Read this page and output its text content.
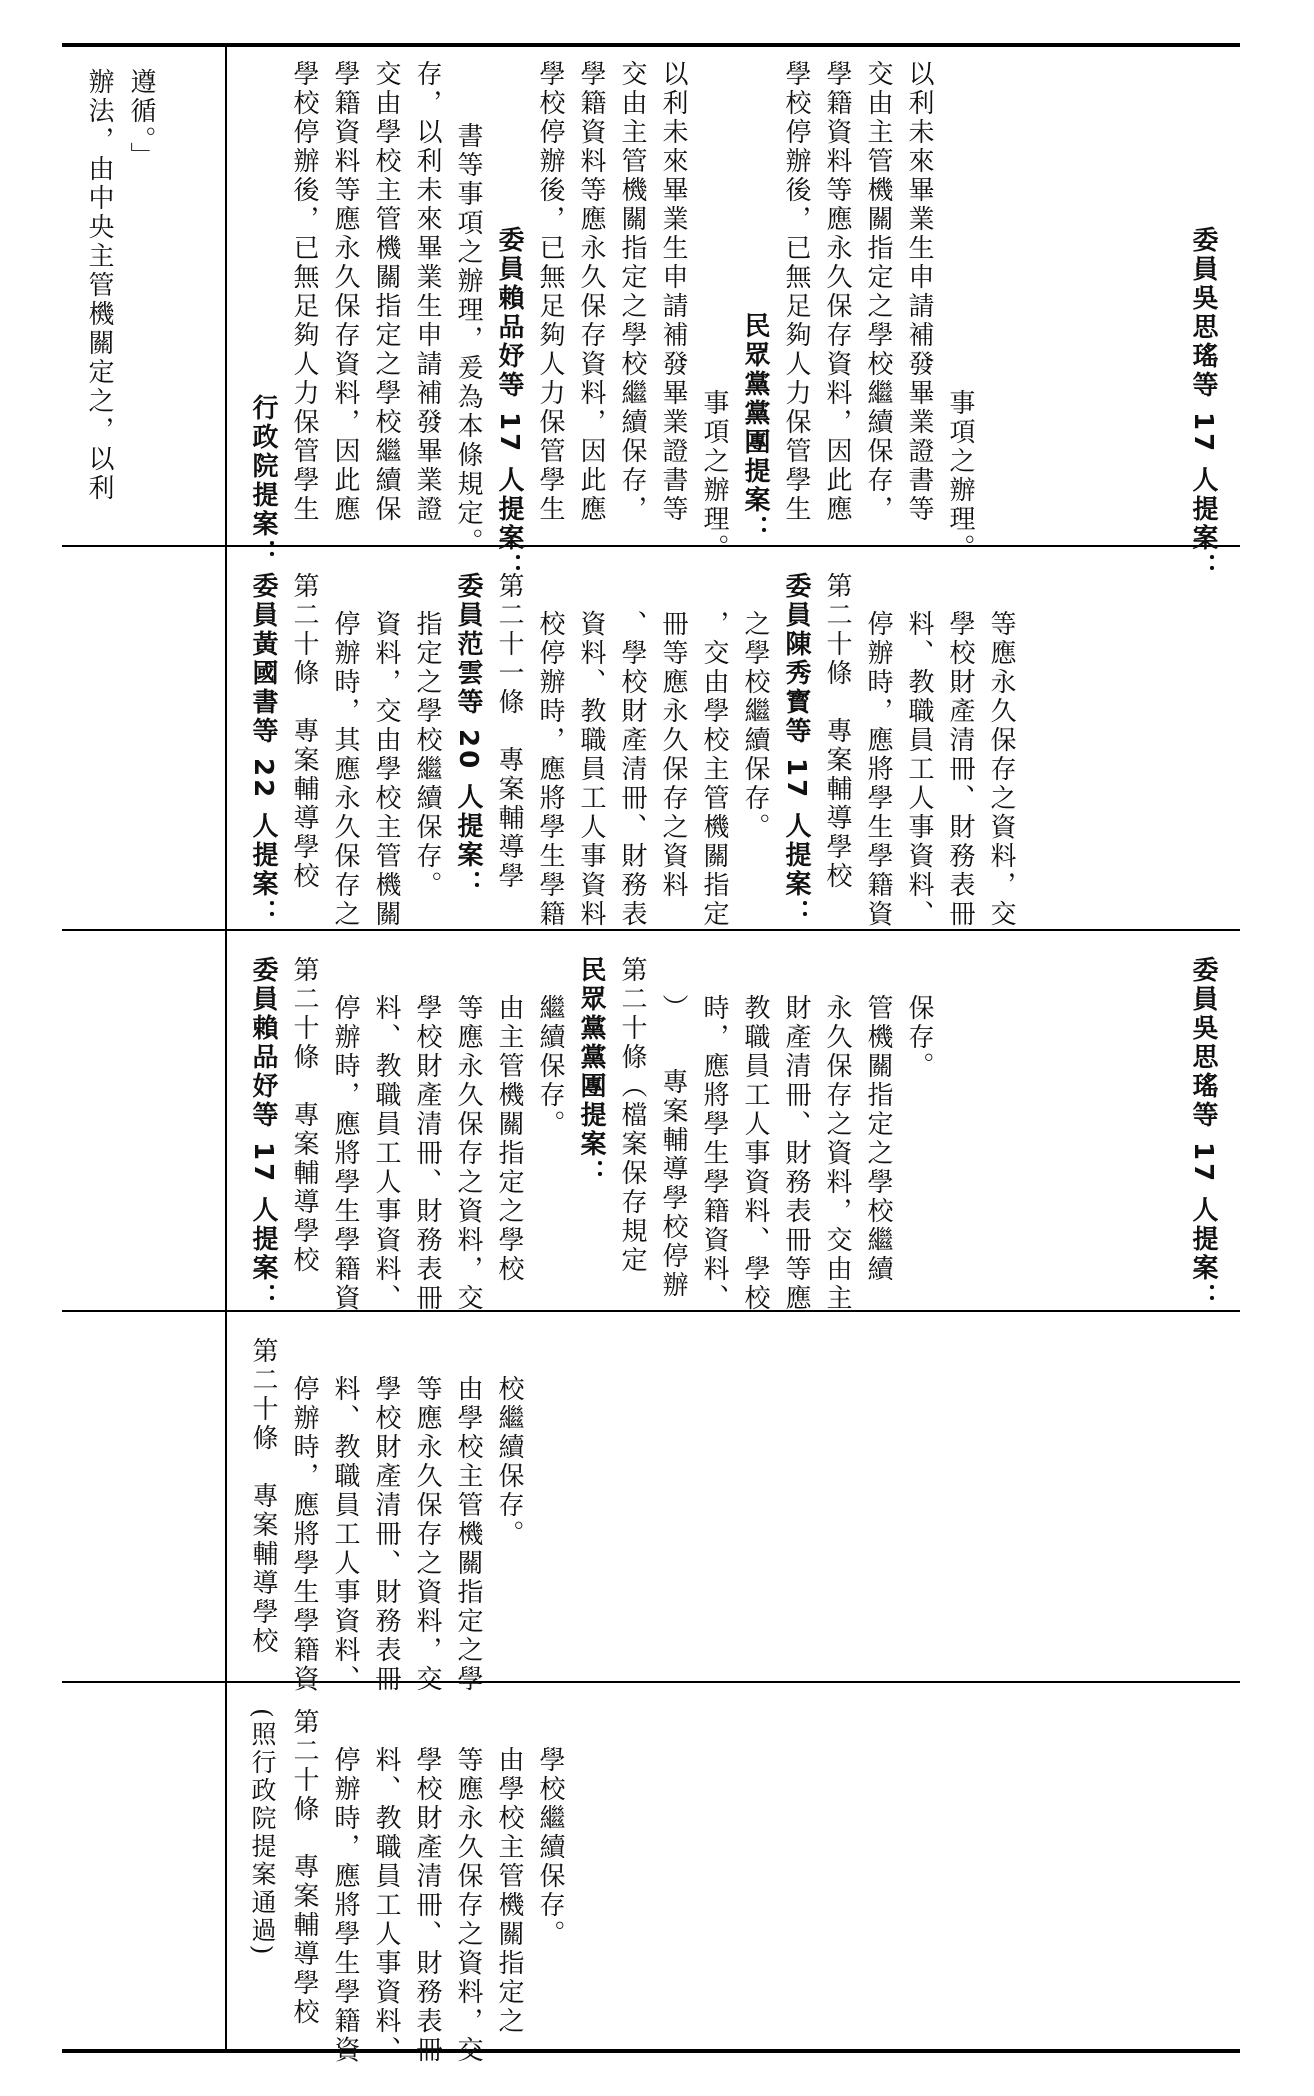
辦法，由中央主管機關定之，以利 遵循。」
行政院提案： 學校停辦後，已無足夠人力保管學生 學籍資料等應永久保存資料，因此應 交由學校主管機關指定之學校繼續保 存，以利未來畢業生申請補發畢業證 書等事項之辦理，爰為本條規定。 委員賴品妤等 17 人提案： 學校停辦後，已無足夠人力保管學生 學籍資料等應永久保存資料，因此應 交由主管機關指定之學校繼續保存， 以利未來畢業生申請補發畢業證書等 事項之辦理。 民眾黨黨團提案： 學校停辦後，已無足夠人力保管學生 學籍資料等應永久保存資料，因此應 交由主管機關指定之學校繼續保存， 以利未來畢業生申請補發畢業證書等 事項之辦理。	委員吳思瑤等 17 人提案：
委員黃國書等 22 人提案： 第二十條　專案輔導學校 停辦時，其應永久保存之 資料，交由學校主管機關 指定之學校繼續保存。 委員范雲等 20 人提案： 第二十一條　專案輔導學 校停辦時，應將學生學籍 資料、教職員工人事資料 、學校財產清冊、財務表 冊等應永久保存之資料 ，交由學校主管機關指定 之學校繼續保存。 委員陳秀寳等 17 人提案： 第二十條　專案輔導學校 停辦時，應將學生學籍資 料、教職員工人事資料、 學校財產清冊、財務表冊 等應永久保存之資料，交
委員賴品妤等 17 人提案： 第二十條　專案輔導學校 停辦時，應將學生學籍資 料、教職員工人事資料、 學校財產清冊、財務表冊 等應永久保存之資料，交 由主管機關指定之學校 繼續保存。 民眾黨黨團提案： 第二十條（檔案保存規定 ）　　專案輔導學校停辦 時，應將學生學籍資料、 教職員工人事資料、學校 財產清冊、財務表冊等應 永久保存之資料，交由主 管機關指定之學校繼續 保存。	委員吳思瑤等 17 人提案：
第二十條　專案輔導學校 停辦時，應將學生學籍資 料、教職員工人事資料、 學校財產清冊、財務表冊 等應永久保存之資料，交 由學校主管機關指定之學 校繼續保存。
(照行政院提案通過) 第二十條　專案輔導學校 停辦時，應將學生學籍資 料、教職員工人事資料、 學校財產清冊、財務表冊 等應永久保存之資料，交 由學校主管機關指定之 學校繼續保存。
